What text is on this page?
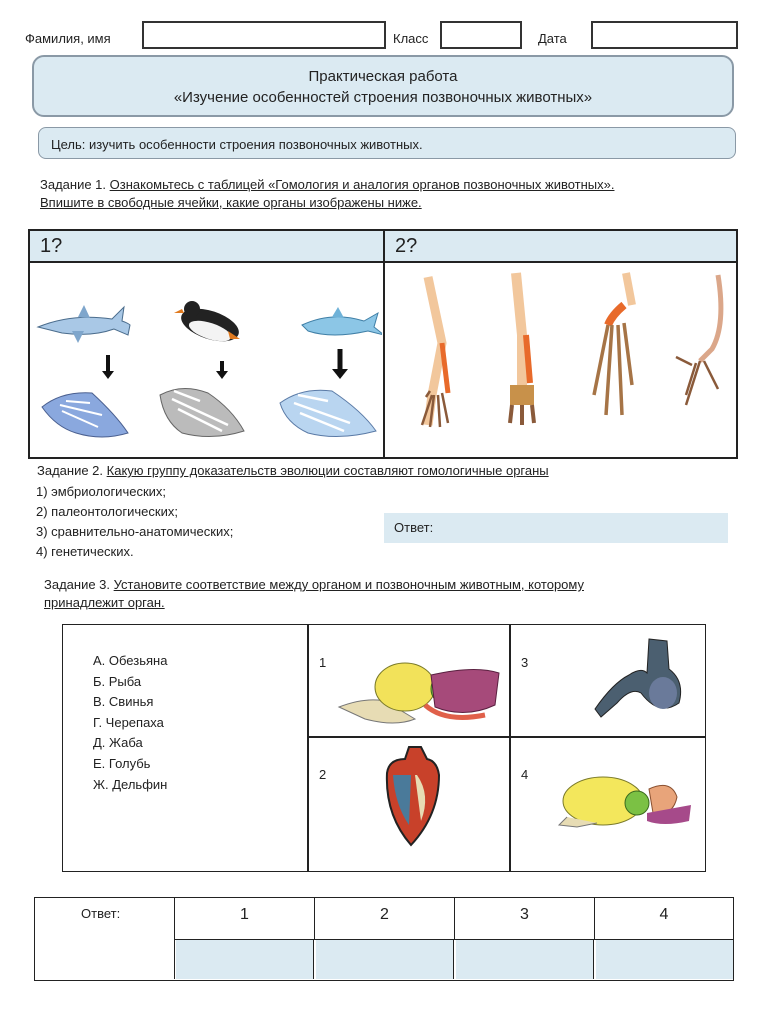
Фамилия, имя	Класс	Дата
Практическая работа
«Изучение особенностей строения позвоночных животных»
Цель: изучить особенности строения позвоночных животных.
Задание 1. Ознакомьтесь с таблицей «Гомология и аналогия органов позвоночных животных».
Впишите в свободные ячейки, какие органы изображены ниже.
1?	2?
Задание 2. Какую группу доказательств эволюции составляют гомологичные органы
1) эмбриологических;
2) палеонтологических;
3) сравнительно-анатомических;
4) генетических.
Ответ:
Задание 3. Установите соответствие между органом и позвоночным животным, которому
принадлежит орган.
А. Обезьяна
Б. Рыба
В. Свинья
Г. Черепаха
Д. Жаба
Е. Голубь
Ж. Дельфин
1	3
2	4
Ответ:	1	2	3	4
